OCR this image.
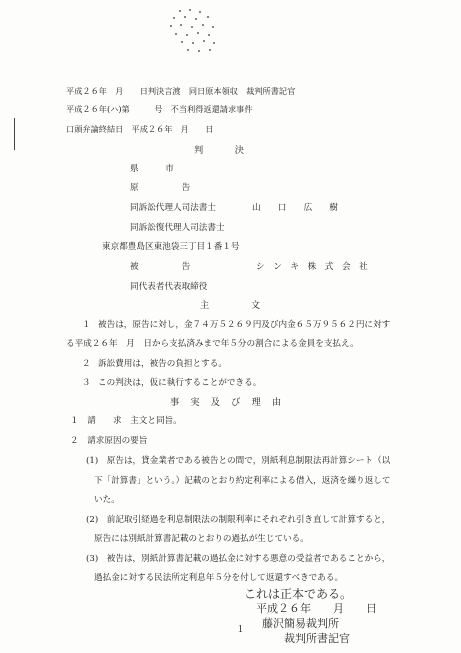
平成２６年　月　　日判決言渡　同日原本領収　裁判所書記官
平成２６年(ハ)第　　　号　不当利得返還請求事件
口頭弁論終結日　平成２６年　月　　日
判　　　決
県　市
原　　　　　告
同訴訟代理人司法書士	山　　口　　広　　樹
同訴訟復代理人司法書士
東京都豊島区東池袋三丁目１番１号
被　　　　　告	シ　ン　キ　株　式　会　社
同代表者代表取締役
主　　　　文
１ 被告は，原告に対し，金７４万５２６９円及び内金６５万９５６２円に対す
る平成２６年　月　日から支払済みまで年５分の割合による金員を支払え。
２ 訴訟費用は，被告の負担とする。
３ この判決は，仮に執行することができる。
事　実　及　び　理　由
１　請　　求　主文と同旨。
２　請求原因の要旨
(1)　原告は，貸金業者である被告との間で，別紙利息制限法再計算シート（以
下「計算書」という。）記載のとおり約定利率による借入，返済を繰り返して
いた。
(2)　前記取引経過を利息制限法の制限利率にそれぞれ引き直して計算すると，
原告には別紙計算書記載のとおりの過払が生じている。
(3)　被告は，別紙計算書記載の過払金に対する悪意の受益者であることから，
過払金に対する民法所定利息年５分を付して返還すべきである。
これは正本である。
平成２６年　　月　　日
藤沢簡易裁判所
裁判所書記官
１
